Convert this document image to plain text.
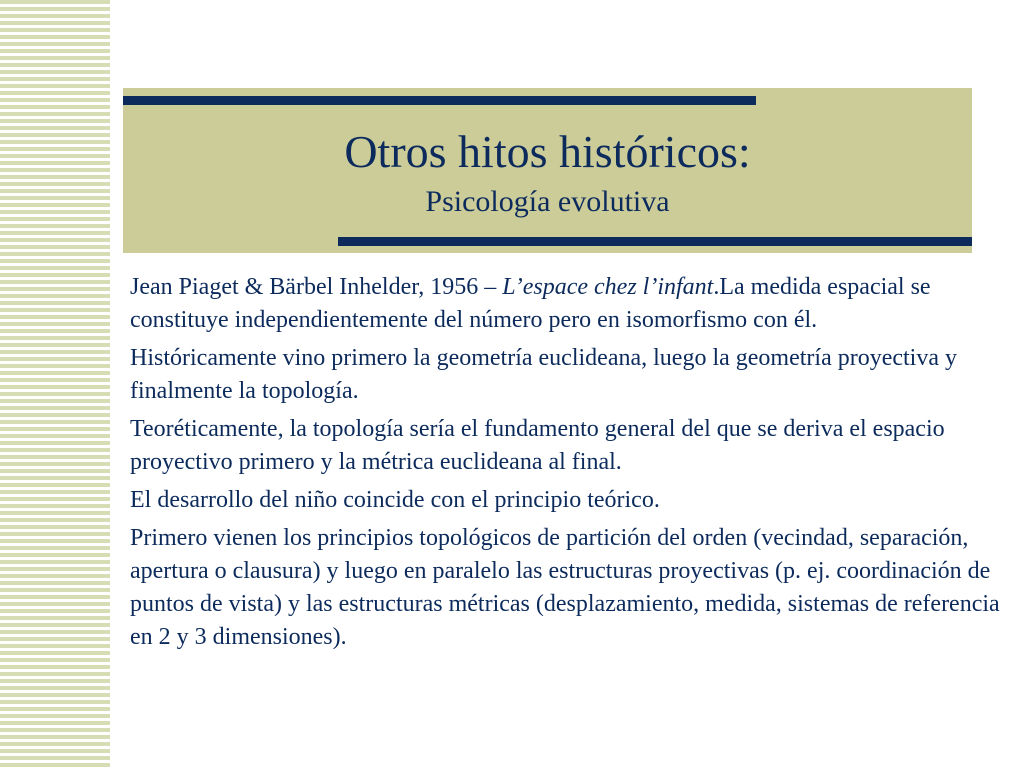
Otros hitos históricos:
Psicología evolutiva

Jean Piaget & Bärbel Inhelder, 1956 – L’espace chez l’infant.La medida espacial se constituye independientemente del número pero en isomorfismo con él.

Históricamente vino primero la geometría euclideana, luego la geometría proyectiva y finalmente la topología.

Teoréticamente, la topología sería el fundamento general del que se deriva el espacio proyectivo primero y la métrica euclideana al final.

El desarrollo del niño coincide con el principio teórico.

Primero vienen los principios topológicos de partición del orden (vecindad, separación, apertura o clausura) y luego en paralelo las estructuras proyectivas (p. ej. coordinación de puntos de vista) y las estructuras métricas (desplazamiento, medida, sistemas de referencia en 2 y 3 dimensiones).
